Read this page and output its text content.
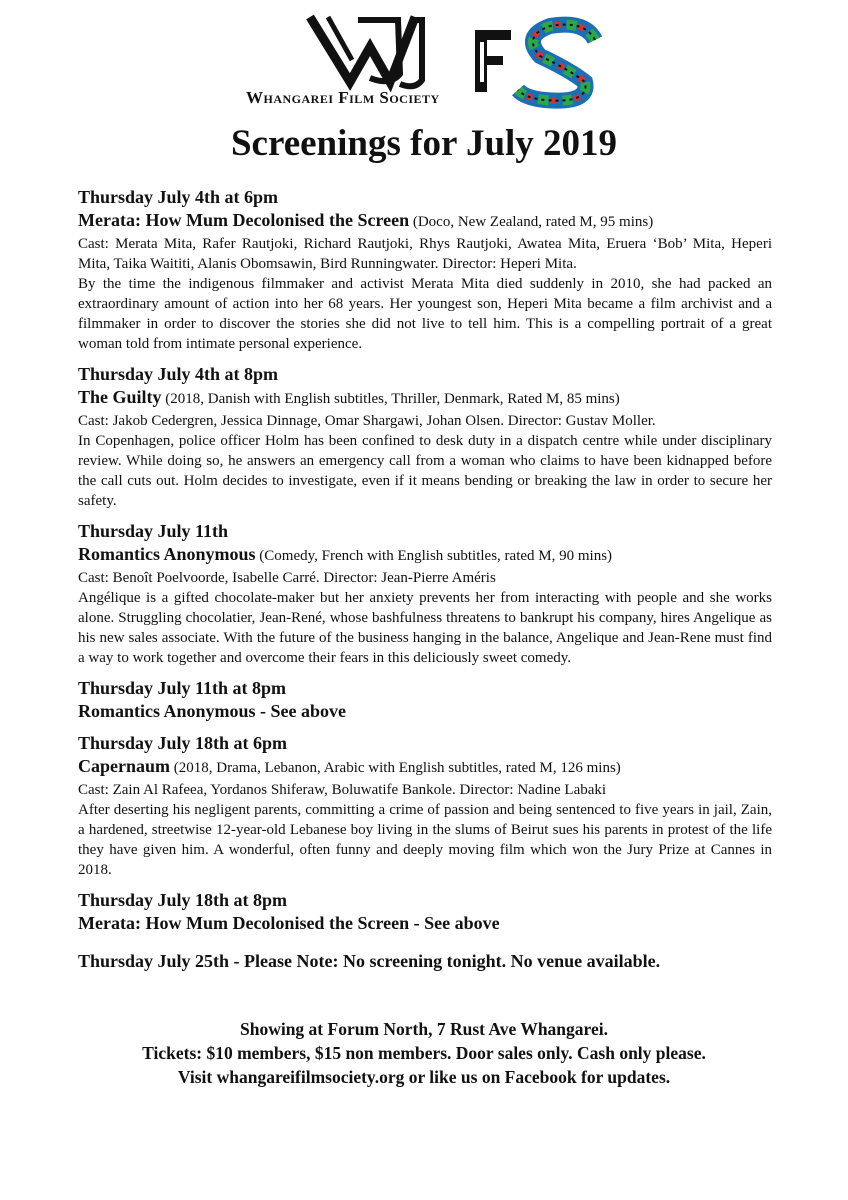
Whangarei Film Society
Screenings for July 2019
Thursday July 4th at 6pm
Merata: How Mum Decolonised the Screen (Doco, New Zealand, rated M, 95 mins)
Cast: Merata Mita, Rafer Rautjoki, Richard Rautjoki, Rhys Rautjoki, Awatea Mita, Eruera ‘Bob’ Mita, Heperi Mita, Taika Waititi, Alanis Obomsawin, Bird Runningwater. Director: Heperi Mita.
By the time the indigenous filmmaker and activist Merata Mita died suddenly in 2010, she had packed an extraordinary amount of action into her 68 years. Her youngest son, Heperi Mita became a film archivist and a filmmaker in order to discover the stories she did not live to tell him. This is a compelling portrait of a great woman told from intimate personal experience.
Thursday July 4th at 8pm
The Guilty (2018, Danish with English subtitles, Thriller, Denmark, Rated M, 85 mins)
Cast: Jakob Cedergren, Jessica Dinnage, Omar Shargawi, Johan Olsen. Director: Gustav Moller.
In Copenhagen, police officer Holm has been confined to desk duty in a dispatch centre while under disciplinary review. While doing so, he answers an emergency call from a woman who claims to have been kidnapped before the call cuts out. Holm decides to investigate, even if it means bending or breaking the law in order to secure her safety.
Thursday July 11th
Romantics Anonymous (Comedy, French with English subtitles, rated M, 90 mins)
Cast: Benoît Poelvoorde, Isabelle Carré. Director: Jean-Pierre Améris
Angélique is a gifted chocolate-maker but her anxiety prevents her from interacting with people and she works alone. Struggling chocolatier, Jean-René, whose bashfulness threatens to bankrupt his company, hires Angelique as his new sales associate. With the future of the business hanging in the balance, Angelique and Jean-Rene must find a way to work together and overcome their fears in this deliciously sweet comedy.
Thursday July 11th at 8pm
Romantics Anonymous - See above
Thursday July 18th at 6pm
Capernaum (2018, Drama, Lebanon, Arabic with English subtitles, rated M, 126 mins)
Cast: Zain Al Rafeea, Yordanos Shiferaw, Boluwatife Bankole. Director: Nadine Labaki
After deserting his negligent parents, committing a crime of passion and being sentenced to five years in jail, Zain, a hardened, streetwise 12-year-old Lebanese boy living in the slums of Beirut sues his parents in protest of the life they have given him. A wonderful, often funny and deeply moving film which won the Jury Prize at Cannes in 2018.
Thursday July 18th at 8pm
Merata: How Mum Decolonised the Screen - See above
Thursday July 25th - Please Note: No screening tonight. No venue available.
Showing at Forum North, 7 Rust Ave Whangarei.
Tickets: $10 members, $15 non members. Door sales only. Cash only please.
Visit whangareifilmsociety.org or like us on Facebook for updates.
